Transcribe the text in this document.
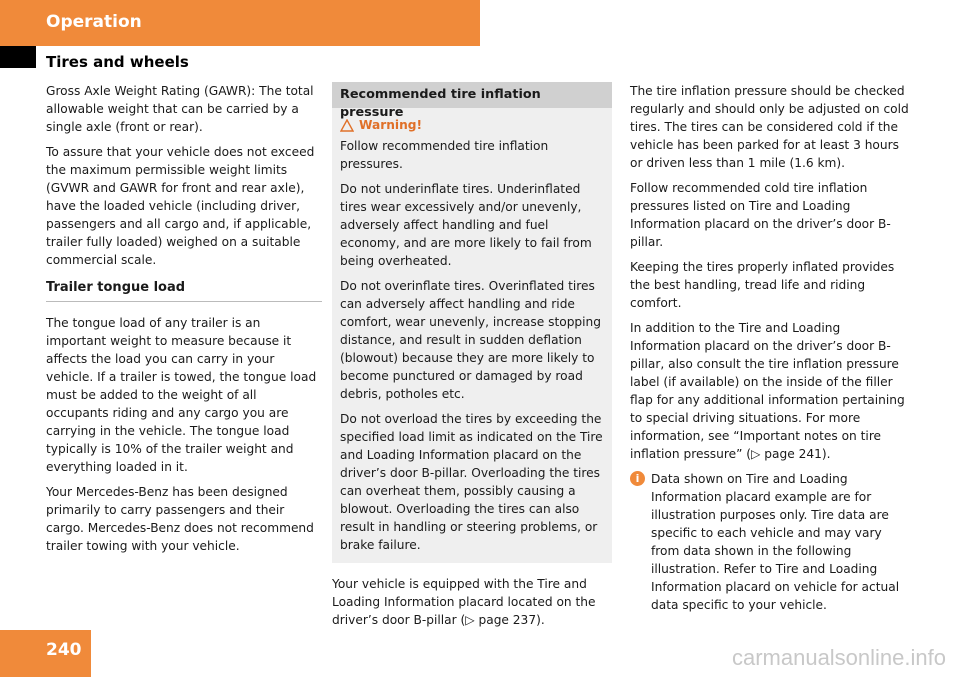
Operation
Tires and wheels

Gross Axle Weight Rating (GAWR): The total allowable weight that can be carried by a single axle (front or rear).

To assure that your vehicle does not exceed the maximum permissible weight limits (GVWR and GAWR for front and rear axle), have the loaded vehicle (including driver, passengers and all cargo and, if applicable, trailer fully loaded) weighed on a suitable commercial scale.

Trailer tongue load

The tongue load of any trailer is an important weight to measure because it affects the load you can carry in your vehicle. If a trailer is towed, the tongue load must be added to the weight of all occupants riding and any cargo you are carrying in the vehicle. The tongue load typically is 10% of the trailer weight and everything loaded in it.

Your Mercedes-Benz has been designed primarily to carry passengers and their cargo. Mercedes-Benz does not recommend trailer towing with your vehicle.

Recommended tire inflation pressure
Warning!

Follow recommended tire inflation pressures.

Do not underinflate tires. Underinflated tires wear excessively and/or unevenly, adversely affect handling and fuel economy, and are more likely to fail from being overheated.

Do not overinflate tires. Overinflated tires can adversely affect handling and ride comfort, wear unevenly, increase stopping distance, and result in sudden deflation (blowout) because they are more likely to become punctured or damaged by road debris, potholes etc.

Do not overload the tires by exceeding the specified load limit as indicated on the Tire and Loading Information placard on the driver’s door B-pillar. Overloading the tires can overheat them, possibly causing a blowout. Overloading the tires can also result in handling or steering problems, or brake failure.

Your vehicle is equipped with the Tire and Loading Information placard located on the driver’s door B-pillar (▷ page 237).

The tire inflation pressure should be checked regularly and should only be adjusted on cold tires. The tires can be considered cold if the vehicle has been parked for at least 3 hours or driven less than 1 mile (1.6 km).

Follow recommended cold tire inflation pressures listed on Tire and Loading Information placard on the driver’s door B-pillar.

Keeping the tires properly inflated provides the best handling, tread life and riding comfort.

In addition to the Tire and Loading Information placard on the driver’s door B-pillar, also consult the tire inflation pressure label (if available) on the inside of the filler flap for any additional information pertaining to special driving situations. For more information, see “Important notes on tire inflation pressure” (▷ page 241).

i Data shown on Tire and Loading Information placard example are for illustration purposes only. Tire data are specific to each vehicle and may vary from data shown in the following illustration. Refer to Tire and Loading Information placard on vehicle for actual data specific to your vehicle.
240	carmanualsonline.info
